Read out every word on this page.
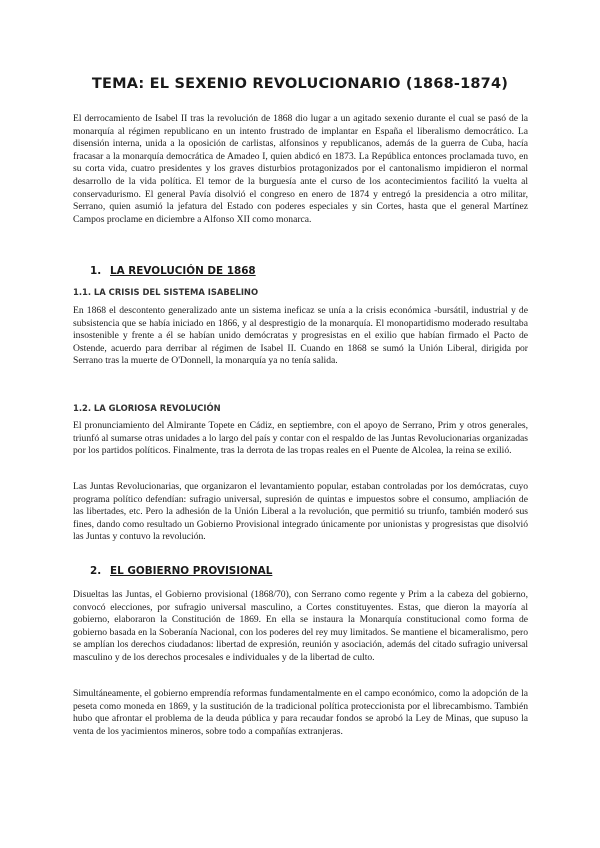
TEMA: EL SEXENIO REVOLUCIONARIO (1868-1874)

El derrocamiento de Isabel II tras la revolución de 1868 dio lugar a un agitado sexenio durante el cual se pasó de la monarquía al régimen republicano en un intento frustrado de implantar en España el liberalismo democrático. La disensión interna, unida a la oposición de carlistas, alfonsinos y republicanos, además de la guerra de Cuba, hacía fracasar a la monarquía democrática de Amadeo I, quien abdicó en 1873. La República entonces proclamada tuvo, en su corta vida, cuatro presidentes y los graves disturbios protagonizados por el cantonalismo impidieron el normal desarrollo de la vida política. El temor de la burguesía ante el curso de los acontecimientos facilitó la vuelta al conservadurismo. El general Pavía disolvió el congreso en enero de 1874 y entregó la presidencia a otro militar, Serrano, quien asumió la jefatura del Estado con poderes especiales y sin Cortes, hasta que el general Martínez Campos proclame en diciembre a Alfonso XII como monarca.

1. LA REVOLUCIÓN DE 1868
1.1. LA CRISIS DEL SISTEMA ISABELINO

En 1868 el descontento generalizado ante un sistema ineficaz se unía a la crisis económica -bursátil, industrial y de subsistencia que se había iniciado en 1866, y al desprestigio de la monarquía. El monopartidismo moderado resultaba insostenible y frente a él se habían unido demócratas y progresistas en el exilio que habían firmado el Pacto de Ostende, acuerdo para derribar al régimen de Isabel II. Cuando en 1868 se sumó la Unión Liberal, dirigida por Serrano tras la muerte de O'Donnell, la monarquía ya no tenía salida.

1.2. LA GLORIOSA REVOLUCIÓN

El pronunciamiento del Almirante Topete en Cádiz, en septiembre, con el apoyo de Serrano, Prim y otros generales, triunfó al sumarse otras unidades a lo largo del país y contar con el respaldo de las Juntas Revolucionarias organizadas por los partidos políticos. Finalmente, tras la derrota de las tropas reales en el Puente de Alcolea, la reina se exilió.

Las Juntas Revolucionarias, que organizaron el levantamiento popular, estaban controladas por los demócratas, cuyo programa político defendían: sufragio universal, supresión de quintas e impuestos sobre el consumo, ampliación de las libertades, etc. Pero la adhesión de la Unión Liberal a la revolución, que permitió su triunfo, también moderó sus fines, dando como resultado un Gobierno Provisional integrado únicamente por unionistas y progresistas que disolvió las Juntas y contuvo la revolución.

2. EL GOBIERNO PROVISIONAL

Disueltas las Juntas, el Gobierno provisional (1868/70), con Serrano como regente y Prim a la cabeza del gobierno, convocó elecciones, por sufragio universal masculino, a Cortes constituyentes. Estas, que dieron la mayoría al gobierno, elaboraron la Constitución de 1869. En ella se instaura la Monarquía constitucional como forma de gobierno basada en la Soberanía Nacional, con los poderes del rey muy limitados. Se mantiene el bicameralismo, pero se amplían los derechos ciudadanos: libertad de expresión, reunión y asociación, además del citado sufragio universal masculino y de los derechos procesales e individuales y de la libertad de culto.

Simultáneamente, el gobierno emprendía reformas fundamentalmente en el campo económico, como la adopción de la peseta como moneda en 1869, y la sustitución de la tradicional política proteccionista por el librecambismo. También hubo que afrontar el problema de la deuda pública y para recaudar fondos se aprobó la Ley de Minas, que supuso la venta de los yacimientos mineros, sobre todo a compañías extranjeras.
